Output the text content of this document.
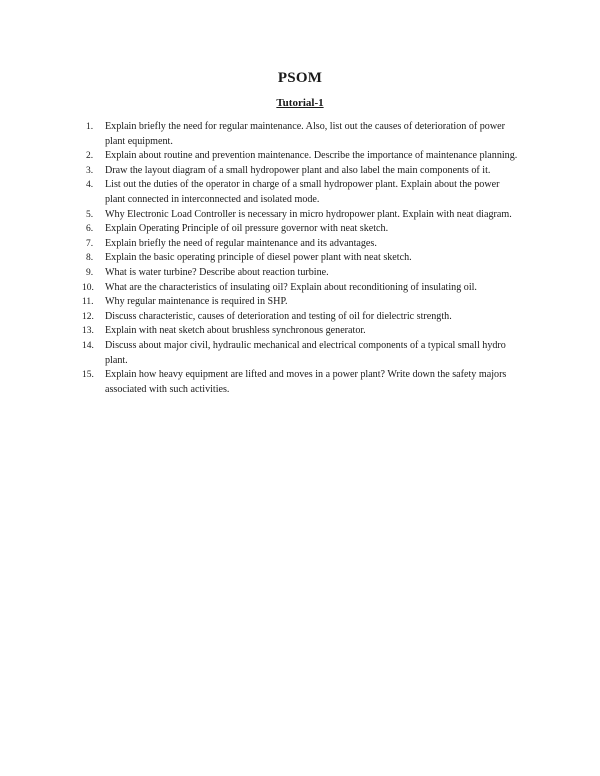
PSOM
Tutorial-1
1.	Explain briefly the need for regular maintenance. Also, list out the causes of deterioration of power plant equipment.
2.	Explain about routine and prevention maintenance. Describe the importance of maintenance planning.
3.	Draw the layout diagram of a small hydropower plant and also label the main components of it.
4.	List out the duties of the operator in charge of a small hydropower plant. Explain about the power plant connected in interconnected and isolated mode.
5.	Why Electronic Load Controller is necessary in micro hydropower plant. Explain with neat diagram.
6.	Explain Operating Principle of oil pressure governor with neat sketch.
7.	Explain briefly the need of regular maintenance and its advantages.
8.	Explain the basic operating principle of diesel power plant with neat sketch.
9.	What is water turbine? Describe about reaction turbine.
10.	What are the characteristics of insulating oil? Explain about reconditioning of insulating oil.
11.	Why regular maintenance is required in SHP.
12.	Discuss characteristic, causes of deterioration and testing of oil for dielectric strength.
13.	Explain with neat sketch about brushless synchronous generator.
14.	Discuss about major civil, hydraulic mechanical and electrical components of a typical small hydro plant.
15.	Explain how heavy equipment are lifted and moves in a power plant? Write down the safety majors associated with such activities.
